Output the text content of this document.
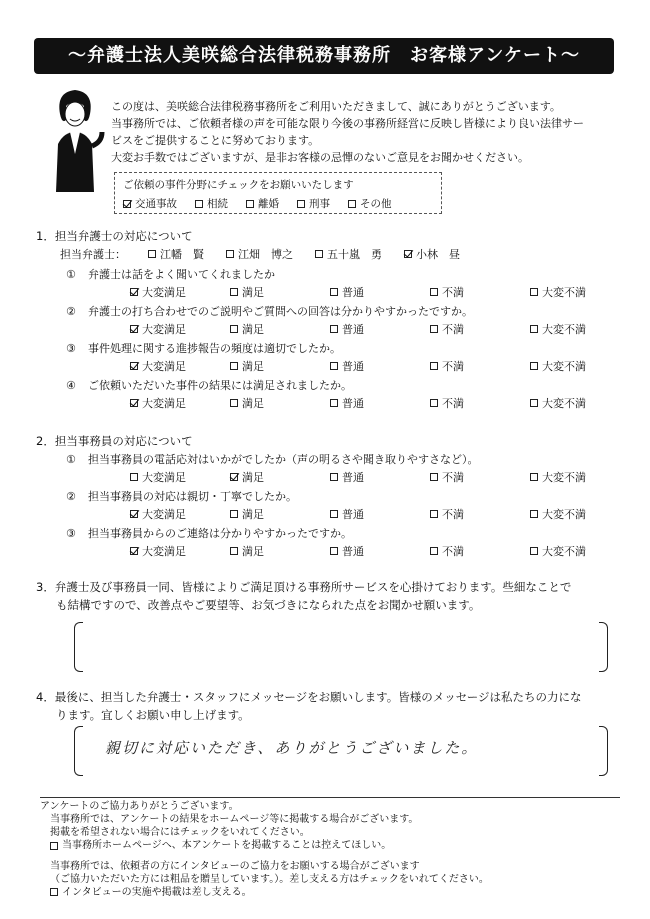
～弁護士法人美咲総合法律税務事務所　お客様アンケート～

この度は、美咲総合法律税務事務所をご利用いただきまして、誠にありがとうございます。

当事務所では、ご依頼者様の声を可能な限り今後の事務所経営に反映し皆様により良い法律サー

ビスをご提供することに努めております。

大変お手数ではございますが、是非お客様の忌憚のないご意見をお聞かせください。

ご依頼の事件分野にチェックをお願いいたします
交通事故	相続	離婚	刑事	その他
1．担当弁護士の対応について
担当弁護士：	江幡　賢	江畑　博之	五十嵐　勇	小林　昼
① 弁護士は話をよく聞いてくれましたか
大変満足	満足	普通	不満	大変不満
② 弁護士の打ち合わせでのご説明やご質問への回答は分かりやすかったですか。
大変満足	満足	普通	不満	大変不満
③ 事件処理に関する進捗報告の頻度は適切でしたか。
大変満足	満足	普通	不満	大変不満
④ ご依頼いただいた事件の結果には満足されましたか。
大変満足	満足	普通	不満	大変不満
2．担当事務員の対応について
① 担当事務員の電話応対はいかがでしたか（声の明るさや聞き取りやすさなど）。
大変満足	満足	普通	不満	大変不満
② 担当事務員の対応は親切・丁寧でしたか。
大変満足	満足	普通	不満	大変不満
③ 担当事務員からのご連絡は分かりやすかったですか。
大変満足	満足	普通	不満	大変不満
3．弁護士及び事務員一同、皆様によりご満足頂ける事務所サービスを心掛けております。些細なことで
も結構ですので、改善点やご要望等、お気づきになられた点をお聞かせ願います。
4．最後に、担当した弁護士・スタッフにメッセージをお願いします。皆様のメッセージは私たちの力にな
ります。宜しくお願い申し上げます。
親切に対応いただき、ありがとうございました。

アンケートのご協力ありがとうございます。

当事務所では、アンケートの結果をホームページ等に掲載する場合がございます。

掲載を希望されない場合にはチェックをいれてください。

当事務所ホームページへ、本アンケートを掲載することは控えてほしい。

当事務所では、依頼者の方にインタビューのご協力をお願いする場合がございます

（ご協力いただいた方には粗品を贈呈しています。）。差し支える方はチェックをいれてください。

インタビューの実施や掲載は差し支える。
